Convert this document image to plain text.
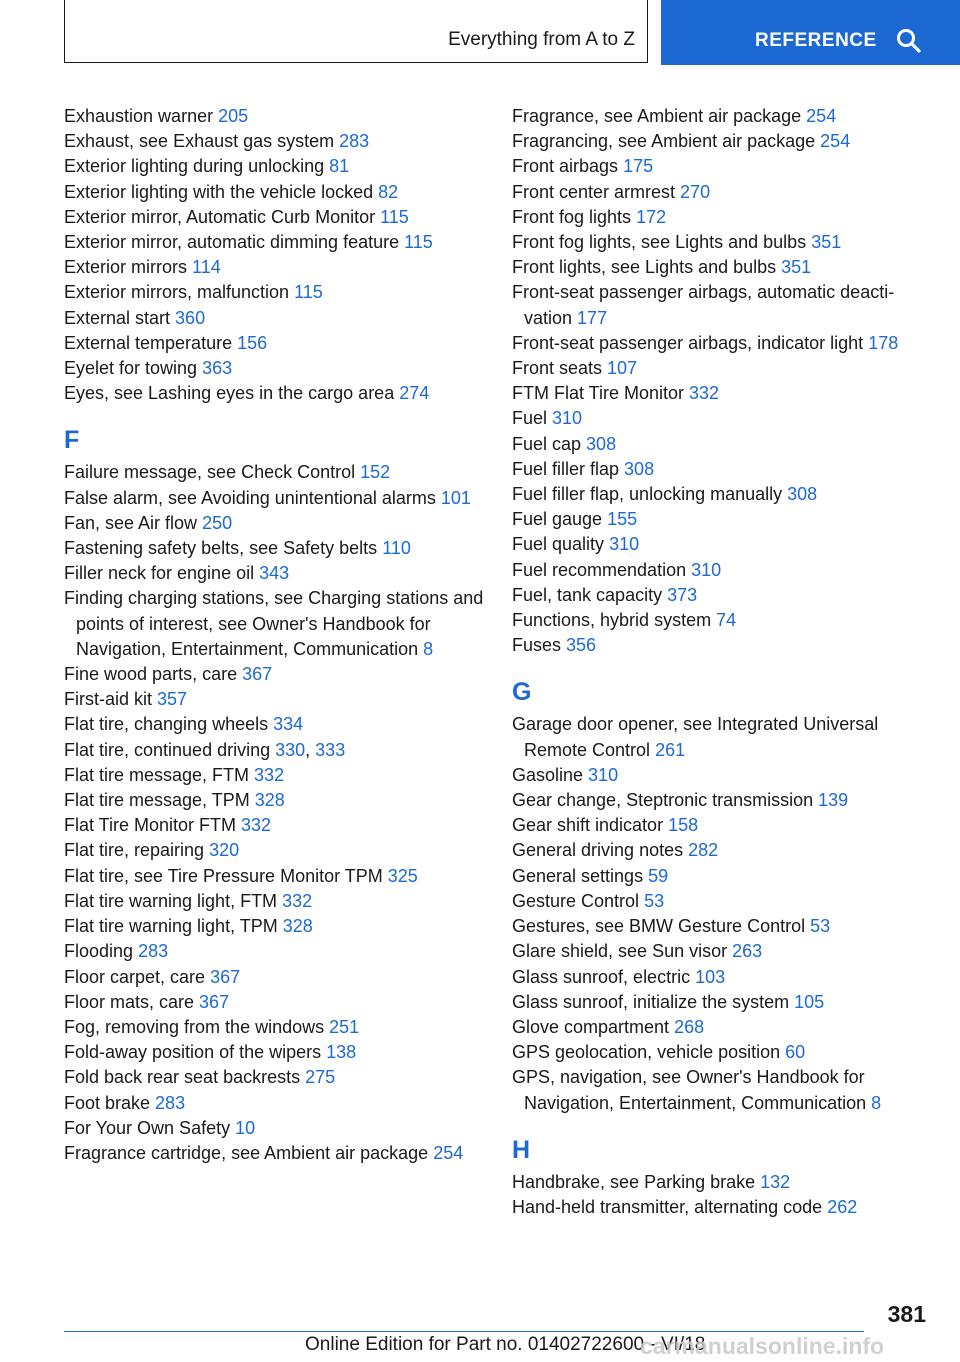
Everything from A to Z	REFERENCE
Exhaustion warner 205
Exhaust, see Exhaust gas system 283
Exterior lighting during unlocking 81
Exterior lighting with the vehicle locked 82
Exterior mirror, Automatic Curb Monitor 115
Exterior mirror, automatic dimming feature 115
Exterior mirrors 114
Exterior mirrors, malfunction 115
External start 360
External temperature 156
Eyelet for towing 363
Eyes, see Lashing eyes in the cargo area 274
F
Failure message, see Check Control 152
False alarm, see Avoiding unintentional alarms 101
Fan, see Air flow 250
Fastening safety belts, see Safety belts 110
Filler neck for engine oil 343
Finding charging stations, see Charging stations and points of interest, see Owner's Handbook for Navigation, Entertainment, Communication 8
Fine wood parts, care 367
First-aid kit 357
Flat tire, changing wheels 334
Flat tire, continued driving 330, 333
Flat tire message, FTM 332
Flat tire message, TPM 328
Flat Tire Monitor FTM 332
Flat tire, repairing 320
Flat tire, see Tire Pressure Monitor TPM 325
Flat tire warning light, FTM 332
Flat tire warning light, TPM 328
Flooding 283
Floor carpet, care 367
Floor mats, care 367
Fog, removing from the windows 251
Fold-away position of the wipers 138
Fold back rear seat backrests 275
Foot brake 283
For Your Own Safety 10
Fragrance cartridge, see Ambient air package 254
Fragrance, see Ambient air package 254
Fragrancing, see Ambient air package 254
Front airbags 175
Front center armrest 270
Front fog lights 172
Front fog lights, see Lights and bulbs 351
Front lights, see Lights and bulbs 351
Front-seat passenger airbags, automatic deactivation 177
Front-seat passenger airbags, indicator light 178
Front seats 107
FTM Flat Tire Monitor 332
Fuel 310
Fuel cap 308
Fuel filler flap 308
Fuel filler flap, unlocking manually 308
Fuel gauge 155
Fuel quality 310
Fuel recommendation 310
Fuel, tank capacity 373
Functions, hybrid system 74
Fuses 356
G
Garage door opener, see Integrated Universal Remote Control 261
Gasoline 310
Gear change, Steptronic transmission 139
Gear shift indicator 158
General driving notes 282
General settings 59
Gesture Control 53
Gestures, see BMW Gesture Control 53
Glare shield, see Sun visor 263
Glass sunroof, electric 103
Glass sunroof, initialize the system 105
Glove compartment 268
GPS geolocation, vehicle position 60
GPS, navigation, see Owner's Handbook for Navigation, Entertainment, Communication 8
H
Handbrake, see Parking brake 132
Hand-held transmitter, alternating code 262
381
Online Edition for Part no. 01402722600 - VI/18
carmanualsonline.info
